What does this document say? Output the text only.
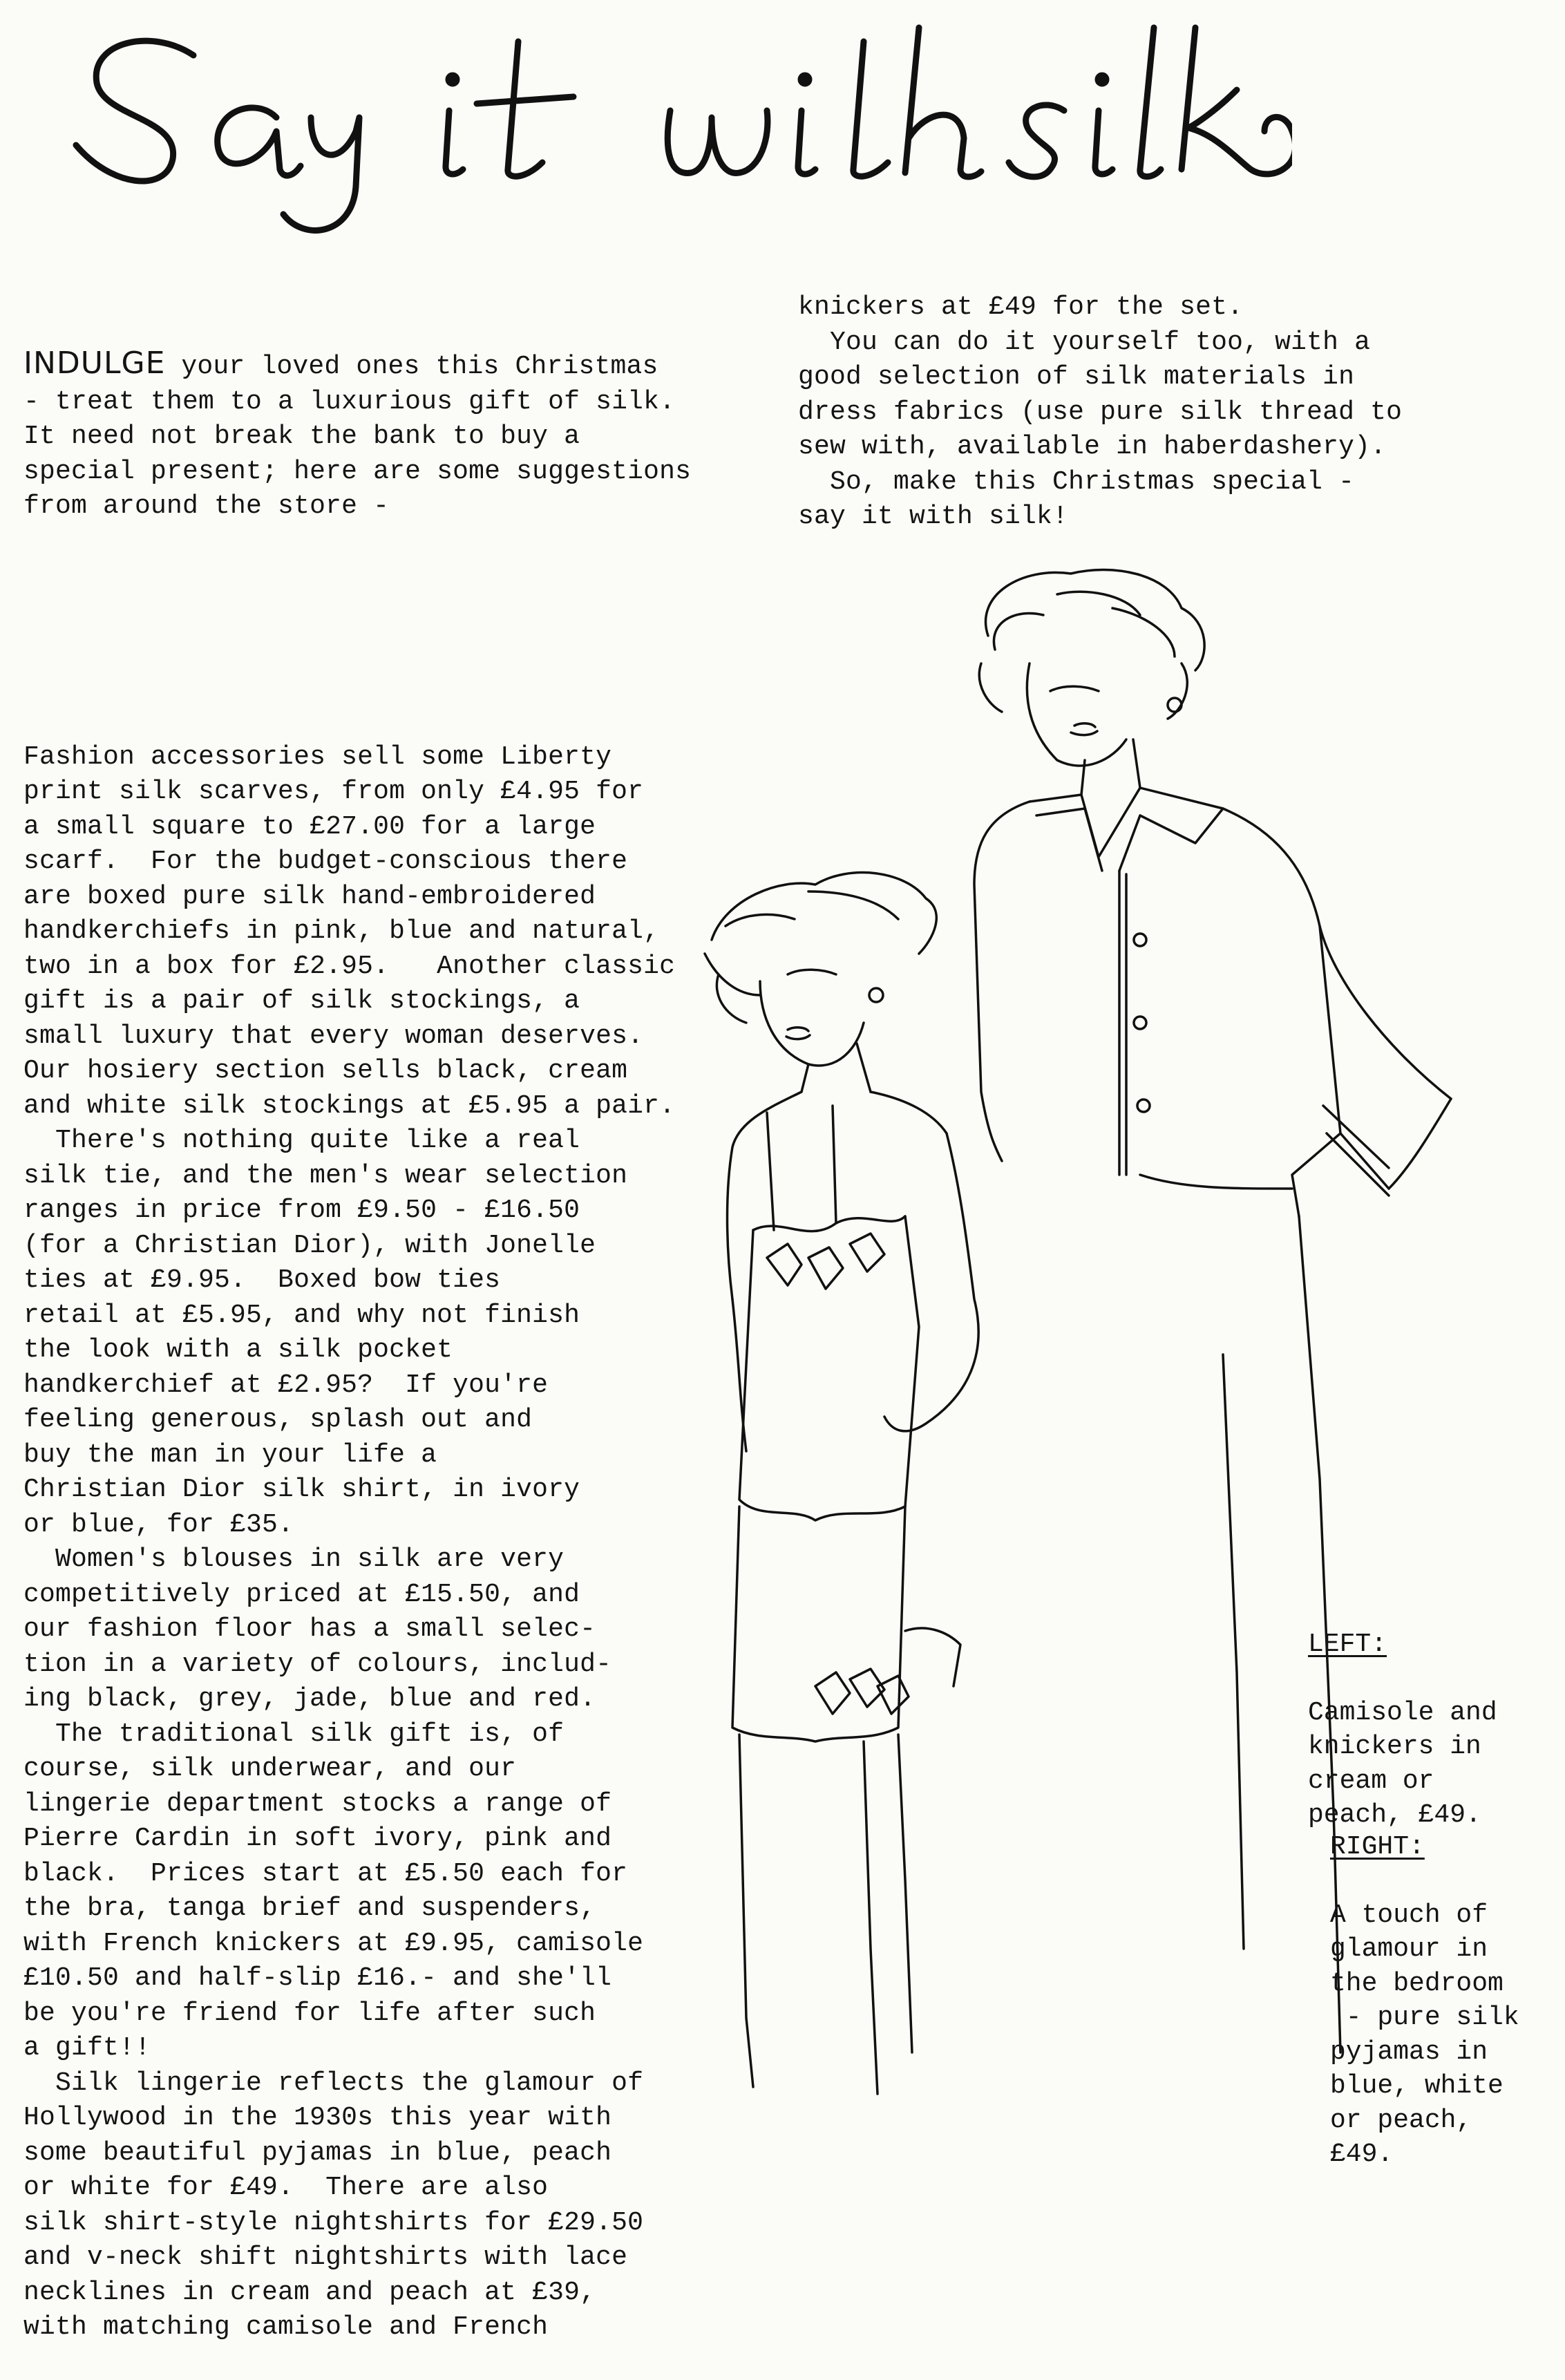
INDULGE your loved ones this Christmas
- treat them to a luxurious gift of silk.
It need not break the bank to buy a
special present; here are some suggestions
from around the store -

Fashion accessories sell some Liberty
print silk scarves, from only £4.95 for
a small square to £27.00 for a large
scarf.  For the budget-conscious there
are boxed pure silk hand-embroidered
handkerchiefs in pink, blue and natural,
two in a box for £2.95.   Another classic
gift is a pair of silk stockings, a
small luxury that every woman deserves.
Our hosiery section sells black, cream
and white silk stockings at £5.95 a pair.
There's nothing quite like a real
silk tie, and the men's wear selection
ranges in price from £9.50 - £16.50
(for a Christian Dior), with Jonelle
ties at £9.95.  Boxed bow ties
retail at £5.95, and why not finish
the look with a silk pocket
handkerchief at £2.95?  If you're
feeling generous, splash out and
buy the man in your life a
Christian Dior silk shirt, in ivory
or blue, for £35.
Women's blouses in silk are very
competitively priced at £15.50, and
our fashion floor has a small selec-
tion in a variety of colours, includ-
ing black, grey, jade, blue and red.
The traditional silk gift is, of
course, silk underwear, and our
lingerie department stocks a range of
Pierre Cardin in soft ivory, pink and
black.  Prices start at £5.50 each for
the bra, tanga brief and suspenders,
with French knickers at £9.95, camisole
£10.50 and half-slip £16.- and she'll
be you're friend for life after such
a gift!!
Silk lingerie reflects the glamour of
Hollywood in the 1930s this year with
some beautiful pyjamas in blue, peach
or white for £49.  There are also
silk shirt-style nightshirts for £29.50
and v-neck shift nightshirts with lace
necklines in cream and peach at £39,
with matching camisole and French

knickers at £49 for the set.
You can do it yourself too, with a
good selection of silk materials in
dress fabrics (use pure silk thread to
sew with, available in haberdashery).
So, make this Christmas special -
say it with silk!

LEFT:

Camisole and
knickers in
cream or
peach, £49.

RIGHT:

A touch of
glamour in
the bedroom
- pure silk
pyjamas in
blue, white
or peach,
£49.
